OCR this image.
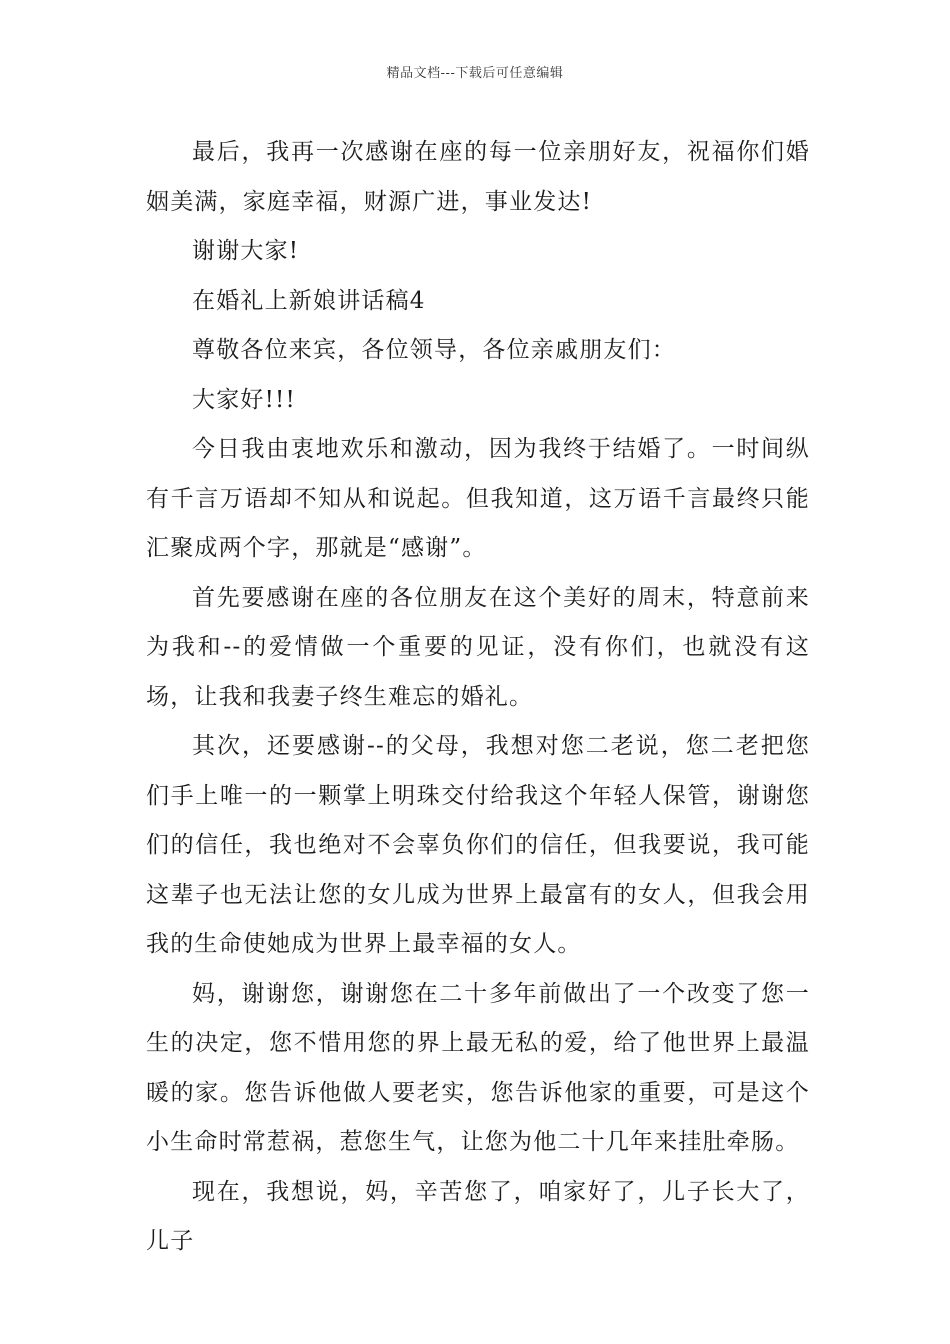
精品文档---下载后可任意编辑

最后，我再一次感谢在座的每一位亲朋好友，祝福你们婚姻美满，家庭幸福，财源广进，事业发达!

谢谢大家!

在婚礼上新娘讲话稿4

尊敬各位来宾，各位领导，各位亲戚朋友们：

大家好!!!

今日我由衷地欢乐和激动，因为我终于结婚了。一时间纵有千言万语却不知从和说起。但我知道，这万语千言最终只能汇聚成两个字，那就是“感谢”。

首先要感谢在座的各位朋友在这个美好的周末，特意前来为我和--的爱情做一个重要的见证，没有你们，也就没有这场，让我和我妻子终生难忘的婚礼。

其次，还要感谢--的父母，我想对您二老说，您二老把您们手上唯一的一颗掌上明珠交付给我这个年轻人保管，谢谢您们的信任，我也绝对不会辜负你们的信任，但我要说，我可能这辈子也无法让您的女儿成为世界上最富有的女人，但我会用我的生命使她成为世界上最幸福的女人。

妈，谢谢您，谢谢您在二十多年前做出了一个改变了您一生的决定，您不惜用您的界上最无私的爱，给了他世界上最温暖的家。您告诉他做人要老实，您告诉他家的重要，可是这个小生命时常惹祸，惹您生气，让您为他二十几年来挂肚牵肠。

现在，我想说，妈，辛苦您了，咱家好了，儿子长大了，儿子
